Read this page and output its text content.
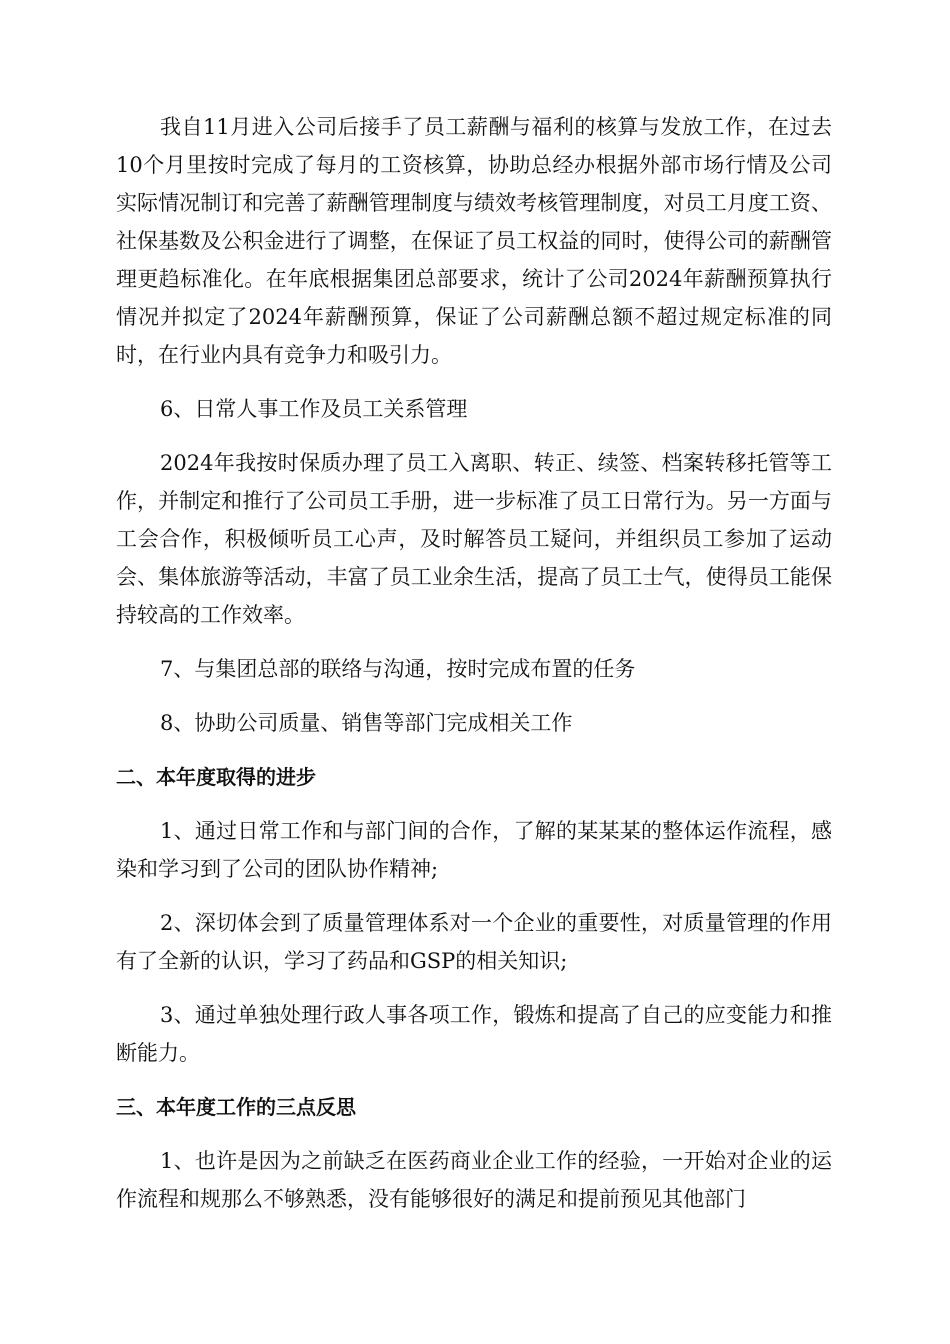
我自11月进入公司后接手了员工薪酬与福利的核算与发放工作，在过去10个月里按时完成了每月的工资核算，协助总经办根据外部市场行情及公司实际情况制订和完善了薪酬管理制度与绩效考核管理制度，对员工月度工资、社保基数及公积金进行了调整，在保证了员工权益的同时，使得公司的薪酬管理更趋标准化。在年底根据集团总部要求，统计了公司2024年薪酬预算执行情况并拟定了2024年薪酬预算，保证了公司薪酬总额不超过规定标准的同时，在行业内具有竞争力和吸引力。

6、日常人事工作及员工关系管理

2024年我按时保质办理了员工入离职、转正、续签、档案转移托管等工作，并制定和推行了公司员工手册，进一步标准了员工日常行为。另一方面与工会合作，积极倾听员工心声，及时解答员工疑问，并组织员工参加了运动会、集体旅游等活动，丰富了员工业余生活，提高了员工士气，使得员工能保持较高的工作效率。

7、与集团总部的联络与沟通，按时完成布置的任务

8、协助公司质量、销售等部门完成相关工作

二、本年度取得的进步

1、通过日常工作和与部门间的合作，了解的某某某的整体运作流程，感染和学习到了公司的团队协作精神;

2、深切体会到了质量管理体系对一个企业的重要性，对质量管理的作用有了全新的认识，学习了药品和GSP的相关知识;

3、通过单独处理行政人事各项工作，锻炼和提高了自己的应变能力和推断能力。

三、本年度工作的三点反思

1、也许是因为之前缺乏在医药商业企业工作的经验，一开始对企业的运作流程和规那么不够熟悉，没有能够很好的满足和提前预见其他部门
